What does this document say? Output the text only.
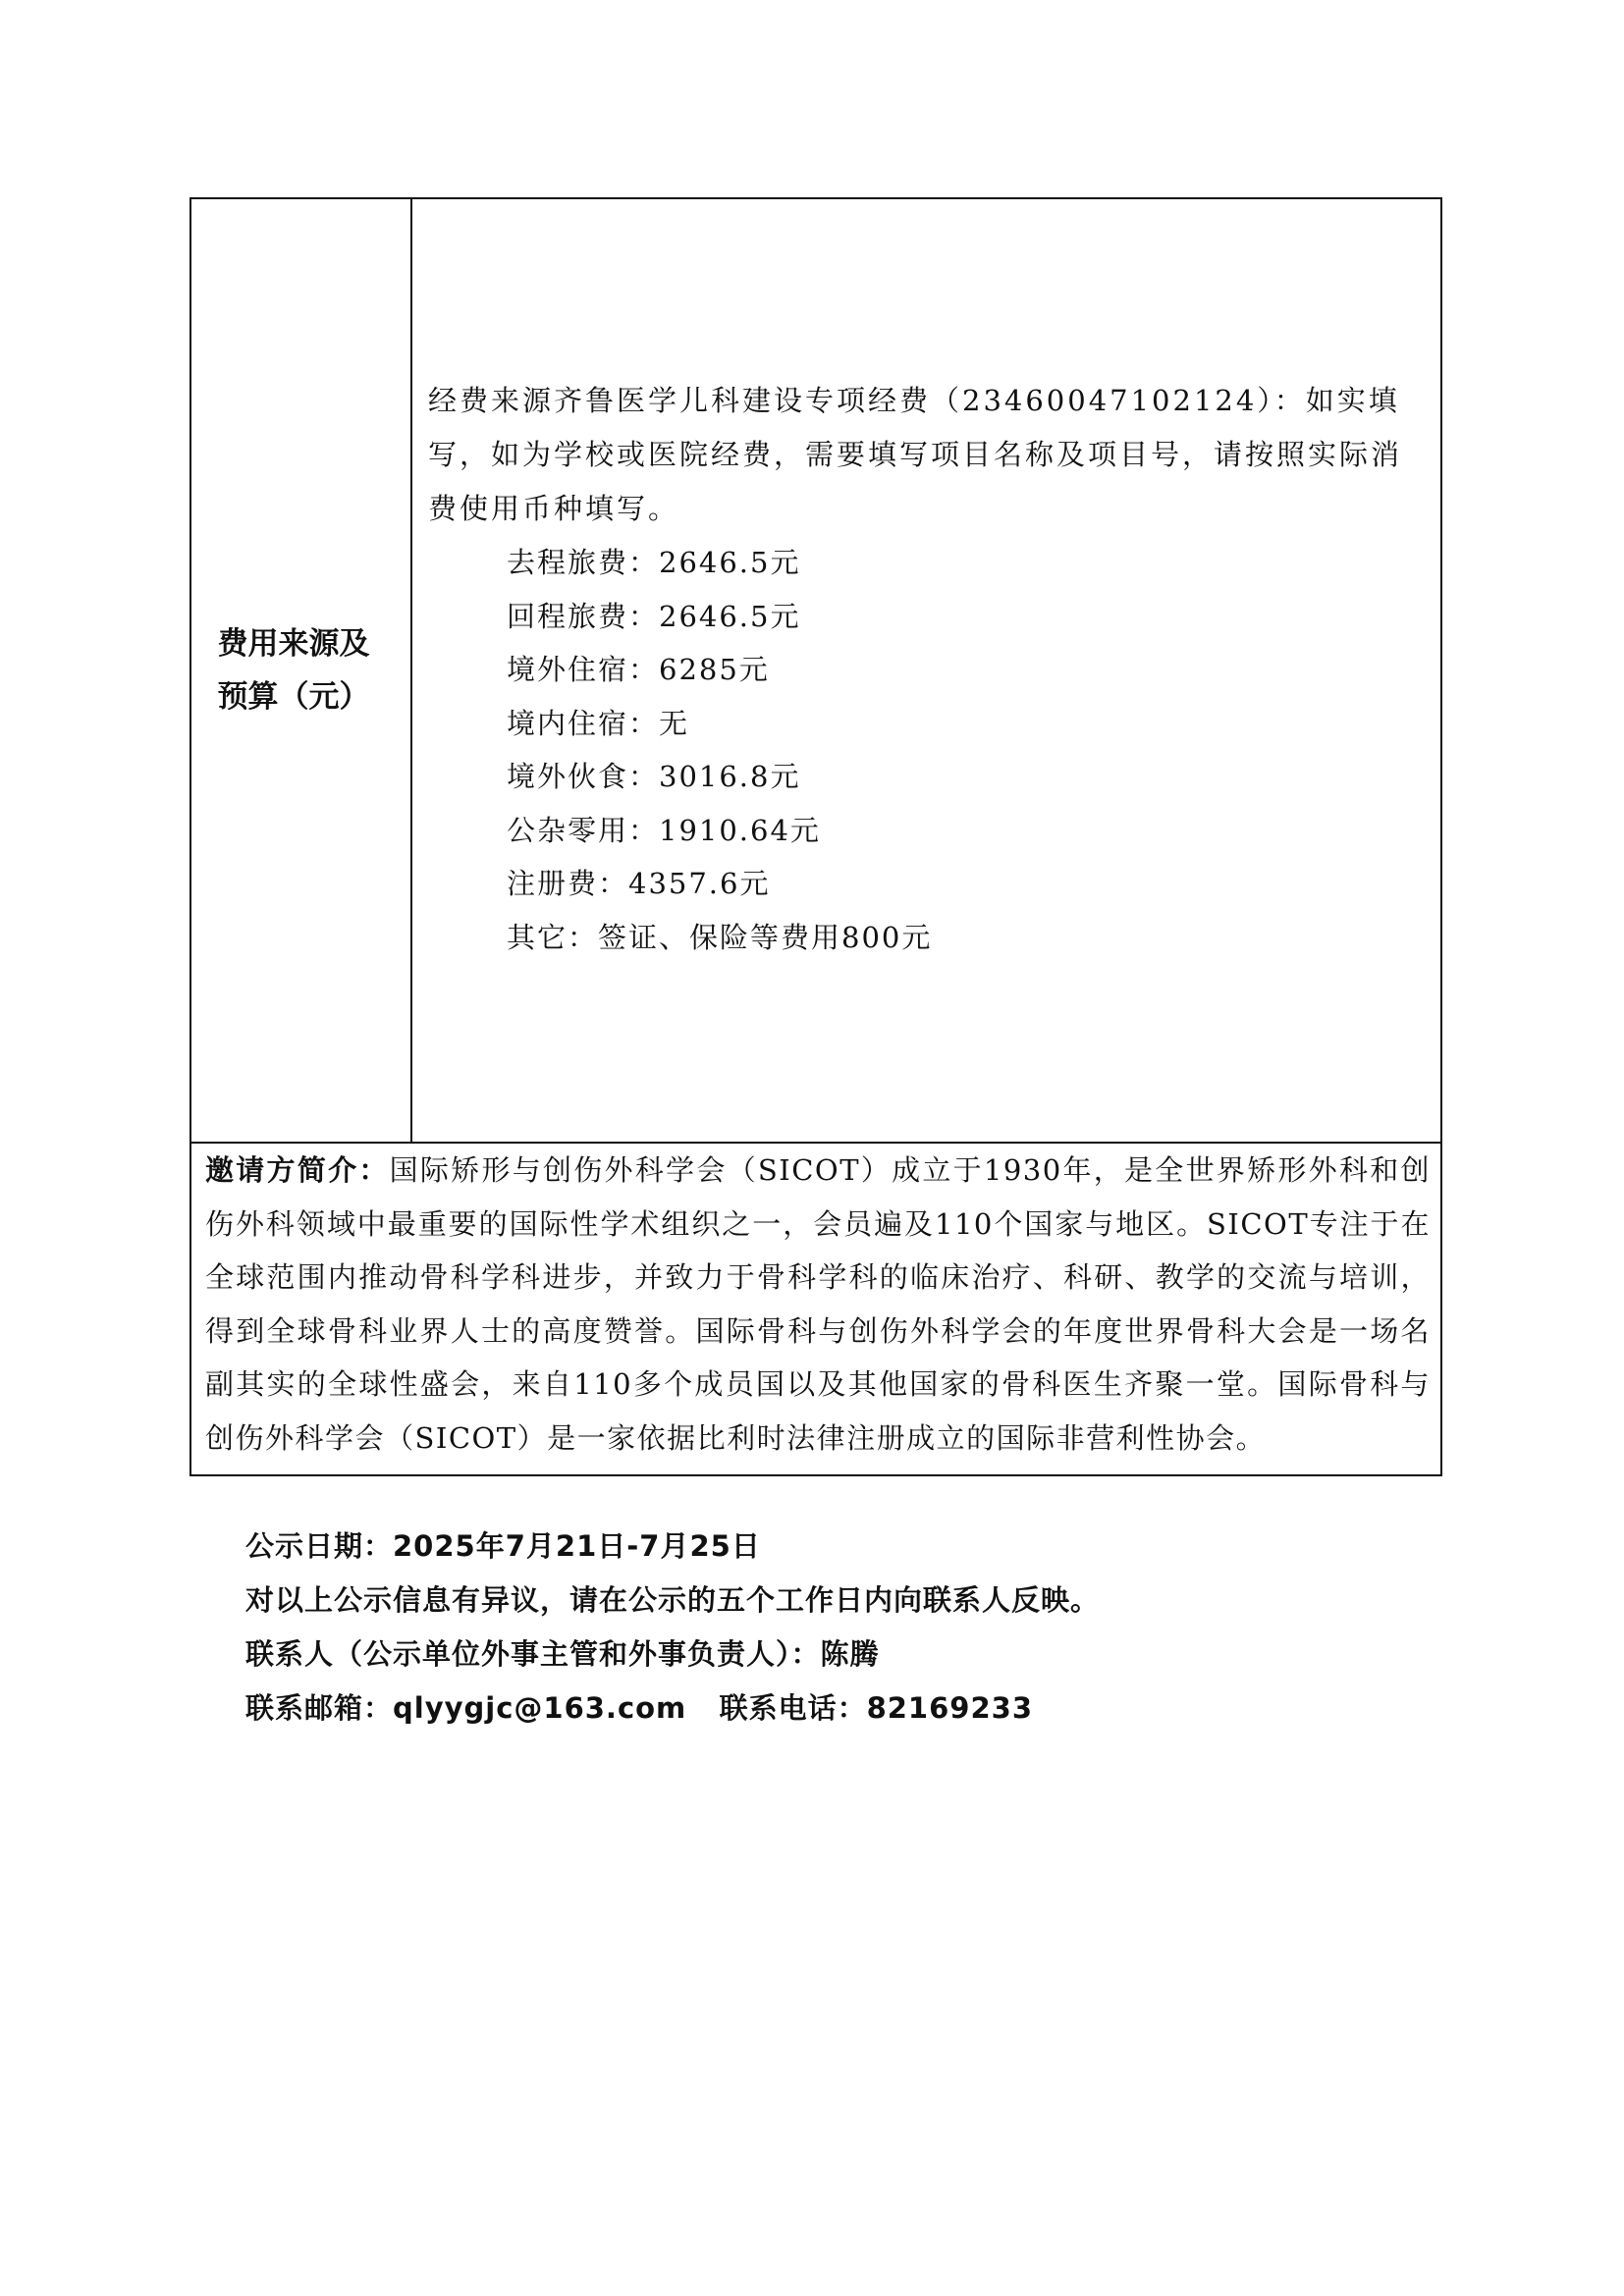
费用来源及预算（元）

经费来源齐鲁医学儿科建设专项经费（23460047102124）：如实填写，如为学校或医院经费，需要填写项目名称及项目号，请按照实际消费使用币种填写。

去程旅费：2646.5元
回程旅费：2646.5元
境外住宿：6285元
境内住宿：无
境外伙食：3016.8元
公杂零用：1910.64元
注册费：4357.6元
其它：签证、保险等费用800元

邀请方简介：国际矫形与创伤外科学会（SICOT）成立于1930年，是全世界矫形外科和创伤外科领域中最重要的国际性学术组织之一，会员遍及110个国家与地区。SICOT专注于在全球范围内推动骨科学科进步，并致力于骨科学科的临床治疗、科研、教学的交流与培训，得到全球骨科业界人士的高度赞誉。国际骨科与创伤外科学会的年度世界骨科大会是一场名副其实的全球性盛会，来自110多个成员国以及其他国家的骨科医生齐聚一堂。国际骨科与创伤外科学会（SICOT）是一家依据比利时法律注册成立的国际非营利性协会。

公示日期：2025年7月21日-7月25日
对以上公示信息有异议，请在公示的五个工作日内向联系人反映。
联系人（公示单位外事主管和外事负责人）：陈腾
联系邮箱：qlyygjc@163.com 联系电话：82169233
